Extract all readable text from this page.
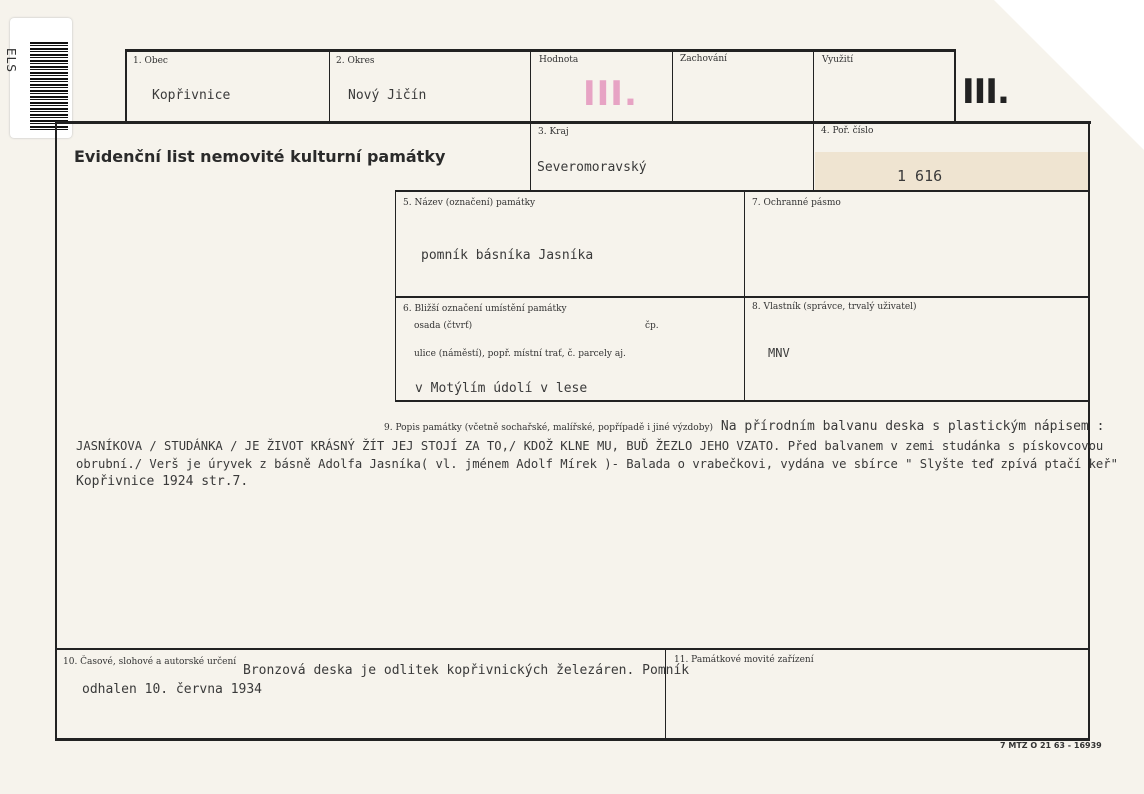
ELS	1. Obec
Kopřivnice
2. Okres
Nový Jičín
Hodnota
III.
Zachování	Využití
III.
Evidenční list nemovité kulturní památky
3. Kraj
Severomoravský
4. Poř. číslo
1 616
5. Název (označení) památky
pomník básníka Jasníka
7. Ochranné pásmo
6. Bližší označení umístění památky
osada (čtvrť)	čp.
ulice (náměstí), popř. místní trať, č. parcely aj.
v Motýlím údolí v lese
8. Vlastník (správce, trvalý uživatel)
MNV
9. Popis památky (včetně sochařské, malířské, popřípadě i jiné výzdoby) Na přírodním balvanu deska s plastickým nápisem :
JASNÍKOVA / STUDÁNKA / JE ŽIVOT KRÁSNÝ ŽÍT JEJ STOJÍ ZA TO,/ KDOŽ KLNE MU, BUĎ ŽEZLO JEHO VZATO. Před balvanem v zemi studánka s pískovcovou
obrubní./ Verš je úryvek z básně Adolfa Jasníka( vl. jménem Adolf Mírek )- Balada o vrabečkovi, vydána ve sbírce " Slyšte teď zpívá ptačí keř"
Kopřivnice 1924 str.7.
10. Časové, slohové a autorské určení
Bronzová deska je odlitek kopřivnických železáren. Pomník
odhalen 10. června 1934
11. Památkové movité zařízení
7 MTZ O 21 63 - 16939
